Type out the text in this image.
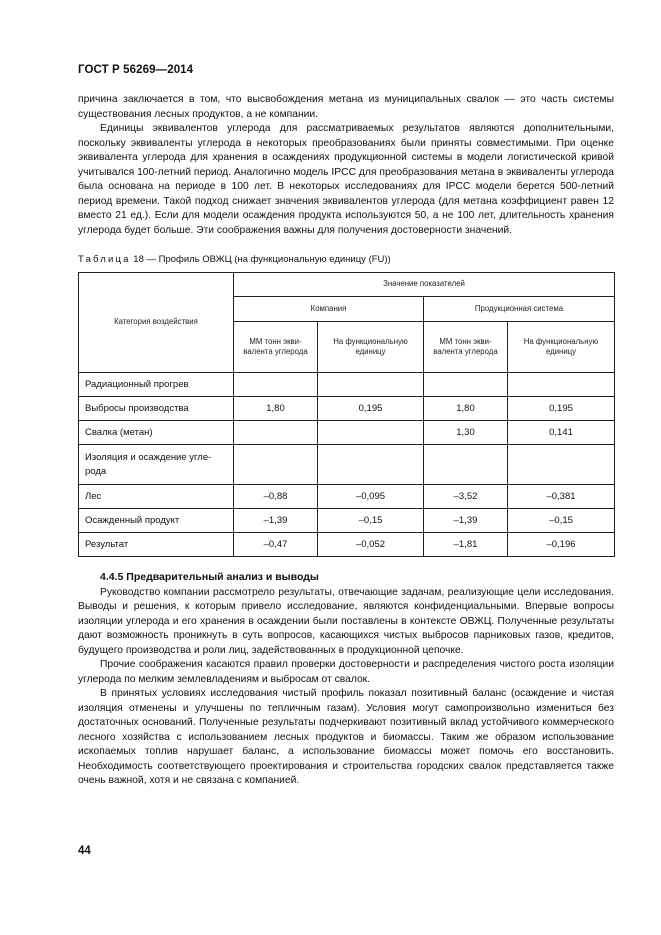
ГОСТ Р 56269—2014

причина заключается в том, что высвобождения метана из муниципальных свалок — это часть системы существования лесных продуктов, а не компании.

Единицы эквивалентов углерода для рассматриваемых результатов являются дополнительными, поскольку эквиваленты углерода в некоторых преобразованиях были приняты совместимыми. При оценке эквивалента углерода для хранения в осаждениях продукционной системы в модели логистической кривой учитывался 100-летний период. Аналогично модель IPCC для преобразования метана в эквиваленты углерода была основана на периоде в 100 лет. В некоторых исследованиях для IPCC модели берется 500-летний период времени. Такой подход снижает значения эквивалентов углерода (для метана коэффициент равен 12 вместо 21 ед.). Если для модели осаждения продукта используются 50, а не 100 лет, длительность хранения углерода будет больше. Эти соображения важны для получения достоверности значений.

Таблица 18 — Профиль ОВЖЦ (на функциональную единицу (FU))
Категория воздействия	Значение показателей			
	Компания		Продукционная система	
	ММ тонн эквивалента углерода	На функциональную единицу	ММ тонн эквивалента углерода	На функциональную единицу
Радиационный прогрев				
Выбросы производства	1,80	0,195	1,80	0,195
Свалка (метан)			1,30	0,141
Изоляция и осаждение углерода				
Лес	–0,88	–0,095	–3,52	–0,381
Осажденный продукт	–1,39	–0,15	–1,39	–0,15
Результат	–0,47	–0,052	–1,81	–0,196
4.4.5 Предварительный анализ и выводы

Руководство компании рассмотрело результаты, отвечающие задачам, реализующие цели исследования. Выводы и решения, к которым привело исследование, являются конфиденциальными. Впервые вопросы изоляции углерода и его хранения в осаждении были поставлены в контексте ОВЖЦ. Полученные результаты дают возможность проникнуть в суть вопросов, касающихся чистых выбросов парниковых газов, кредитов, будущего производства и роли лиц, задействованных в продукционной цепочке.

Прочие соображения касаются правил проверки достоверности и распределения чистого роста изоляции углерода по мелким землевладениям и выбросам от свалок.

В принятых условиях исследования чистый профиль показал позитивный баланс (осаждение и чистая изоляция отменены и улучшены по тепличным газам). Условия могут самопроизвольно измениться без достаточных оснований. Полученные результаты подчеркивают позитивный вклад устойчивого коммерческого лесного хозяйства с использованием лесных продуктов и биомассы. Таким же образом использование ископаемых топлив нарушает баланс, а использование биомассы может помочь его восстановить. Необходимость соответствующего проектирования и строительства городских свалок представляется также очень важной, хотя и не связана с компанией.

44
